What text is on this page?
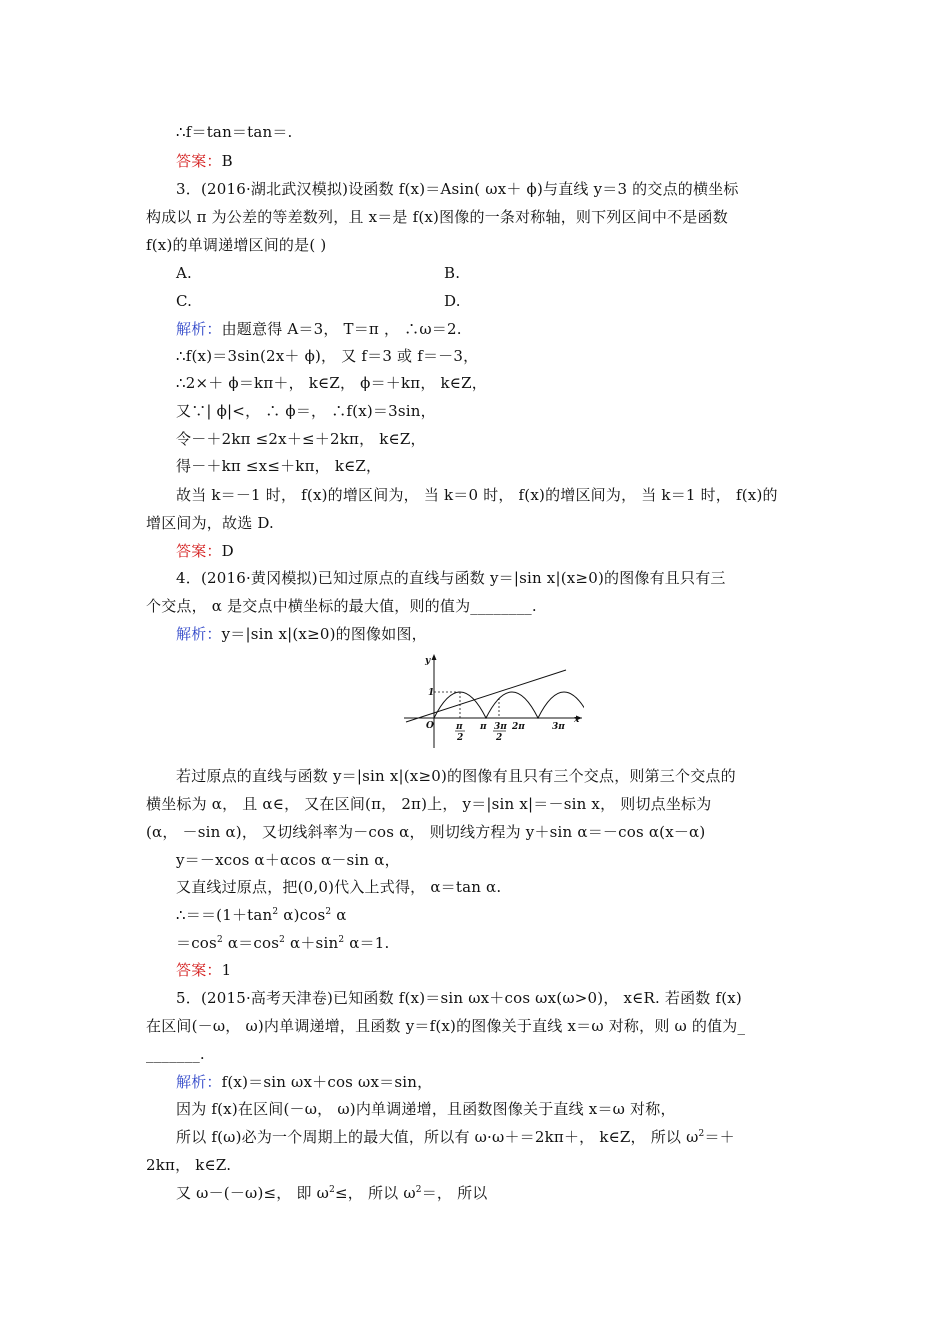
∴f＝tan＝tan＝.
答案：B
3．(2016·湖北武汉模拟)设函数 f(x)＝Asin( ωx＋ ϕ)与直线 y＝3 的交点的横坐标
构成以 π 为公差的等差数列，且 x＝是 f(x)图像的一条对称轴，则下列区间中不是函数
f(x)的单调递增区间的是( )
A.	B.
C.	D.
解析：由题意得 A＝3， T＝π ， ∴ω＝2.
∴f(x)＝3sin(2x＋ ϕ)， 又 f＝3 或 f＝－3，
∴2×＋ ϕ＝kπ＋， k∈Z， ϕ＝＋kπ， k∈Z，
又∵| ϕ|<， ∴ ϕ＝， ∴f(x)＝3sin，
令－＋2kπ ≤2x＋≤＋2kπ， k∈Z，
得－＋kπ ≤x≤＋kπ， k∈Z，
故当 k＝－1 时， f(x)的增区间为， 当 k＝0 时， f(x)的增区间为， 当 k＝1 时， f(x)的
增区间为，故选 D.
答案：D
4．(2016·黄冈模拟)已知过原点的直线与函数 y＝|sin x|(x≥0)的图像有且只有三
个交点， α 是交点中横坐标的最大值，则的值为________.
解析：y＝|sin x|(x≥0)的图像如图，
y
x
1
O π
2
π 3π
2
2π	3π
若过原点的直线与函数 y＝|sin x|(x≥0)的图像有且只有三个交点，则第三个交点的
横坐标为 α， 且 α∈， 又在区间(π， 2π)上， y＝|sin x|＝－sin x， 则切点坐标为
(α， －sin α)， 又切线斜率为－cos α， 则切线方程为 y＋sin α＝－cos α(x－α)
y＝－xcos α＋αcos α－sin α，
又直线过原点，把(0,0)代入上式得， α＝tan α.
$\therefore==(1+\tan^2$ $\alpha)\cos^2$ α
$=\cos^2$ $\alpha=\cos^2$ $\alpha+\sin^2$ α＝1.
答案：1
5．(2015·高考天津卷)已知函数 f(x)＝sin ωx＋cos ωx(ω>0)， x∈R. 若函数 f(x)
在区间(－ω， ω)内单调递增，且函数 y＝f(x)的图像关于直线 x＝ω 对称，则 ω 的值为_
_______.
解析：f(x)＝sin ωx＋cos ωx＝sin，
因为 f(x)在区间(－ω， ω)内单调递增，且函数图像关于直线 x＝ω 对称，
所以 f(ω)必为一个周期上的最大值，所以有 ω·ω＋＝2kπ＋， k∈Z， 所以 $\omega^2=+$
2kπ， k∈Z.
又 ω－(－ω)≤， 即 $\omega^2\le$， 所以 $\omega^2=$， 所以
